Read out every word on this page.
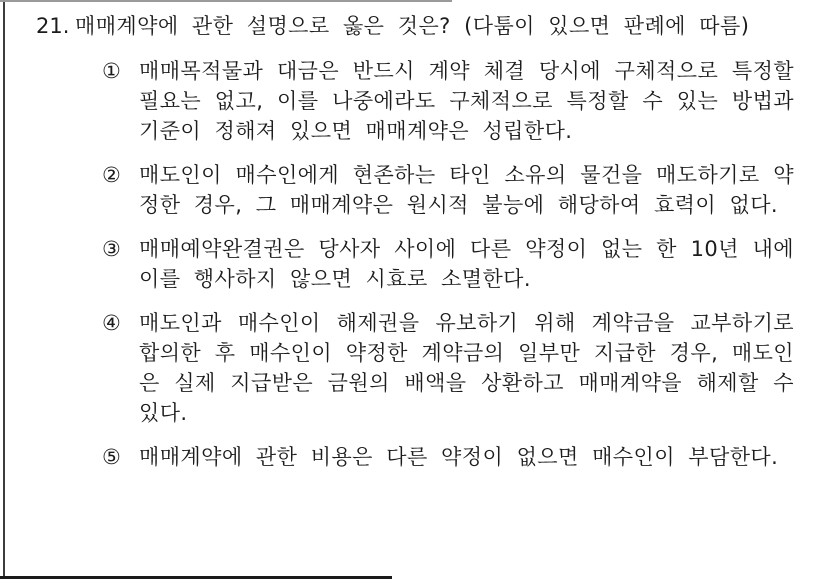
21. 매매계약에 관한 설명으로 옳은 것은? (다툼이 있으면 판례에 따름)
① 매매목적물과 대금은 반드시 계약 체결 당시에 구체적으로 특정할 필요는 없고, 이를 나중에라도 구체적으로 특정할 수 있는 방법과 기준이 정해져 있으면 매매계약은 성립한다.
② 매도인이 매수인에게 현존하는 타인 소유의 물건을 매도하기로 약정한 경우, 그 매매계약은 원시적 불능에 해당하여 효력이 없다.
③ 매매예약완결권은 당사자 사이에 다른 약정이 없는 한 10년 내에 이를 행사하지 않으면 시효로 소멸한다.
④ 매도인과 매수인이 해제권을 유보하기 위해 계약금을 교부하기로 합의한 후 매수인이 약정한 계약금의 일부만 지급한 경우, 매도인은 실제 지급받은 금원의 배액을 상환하고 매매계약을 해제할 수 있다.
⑤ 매매계약에 관한 비용은 다른 약정이 없으면 매수인이 부담한다.
